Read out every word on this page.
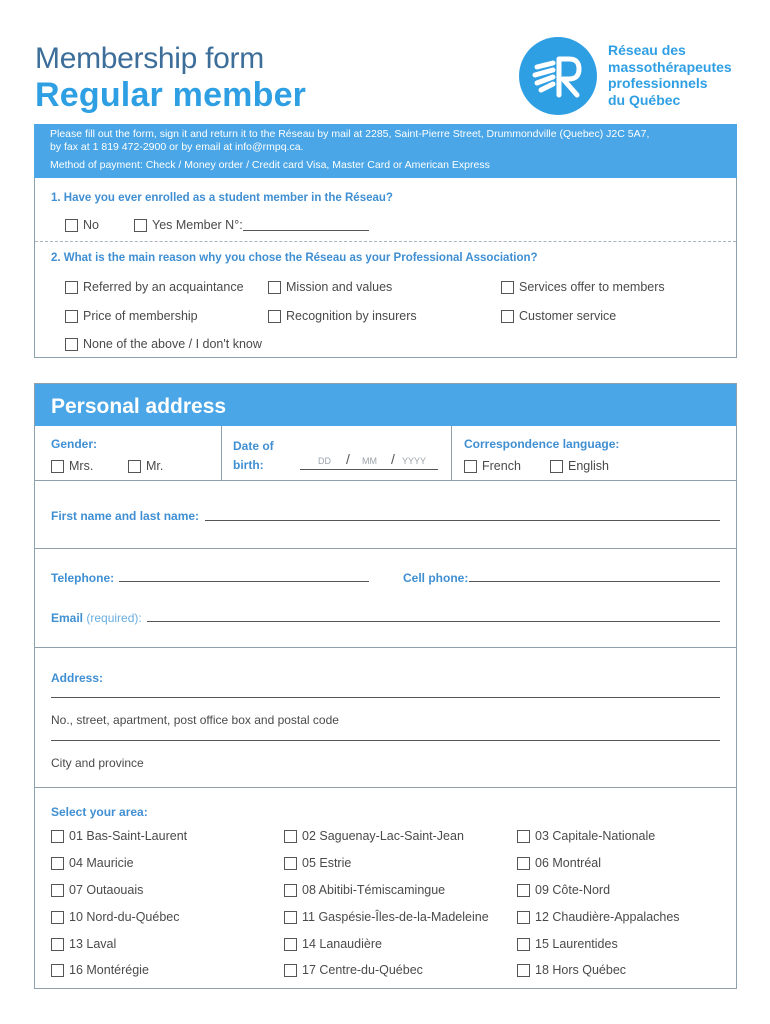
Membership form
Regular member
Réseau des
massothérapeutes
professionnels
du Québec
Please fill out the form, sign it and return it to the Réseau by mail at 2285, Saint-Pierre Street, Drummondville (Quebec) J2C 5A7,
by fax at 1 819 472-2900 or by email at info@rmpq.ca.
Method of payment: Check / Money order / Credit card Visa, Master Card or American Express
1. Have you ever enrolled as a student member in the Réseau?
No	Yes Member N°:
2. What is the main reason why you chose the Réseau as your Professional Association?
Referred by an acquaintance	Mission and values	Services offer to members
Price of membership	Recognition by insurers	Customer service
None of the above / I don't know
Personal address
Gender:
Mrs.	Mr.
Date of
birth:	DD / MM / YYYY
Correspondence language:
French	English
First name and last name:
Telephone:	Cell phone:
Email (required):
Address:
No., street, apartment, post office box and postal code
City and province
Select your area:
01 Bas-Saint-Laurent	02 Saguenay-Lac-Saint-Jean	03 Capitale-Nationale
04 Mauricie	05 Estrie	06 Montréal
07 Outaouais	08 Abitibi-Témiscamingue	09 Côte-Nord
10 Nord-du-Québec	11 Gaspésie-Îles-de-la-Madeleine	12 Chaudière-Appalaches
13 Laval	14 Lanaudière	15 Laurentides
16 Montérégie	17 Centre-du-Québec	18 Hors Québec
